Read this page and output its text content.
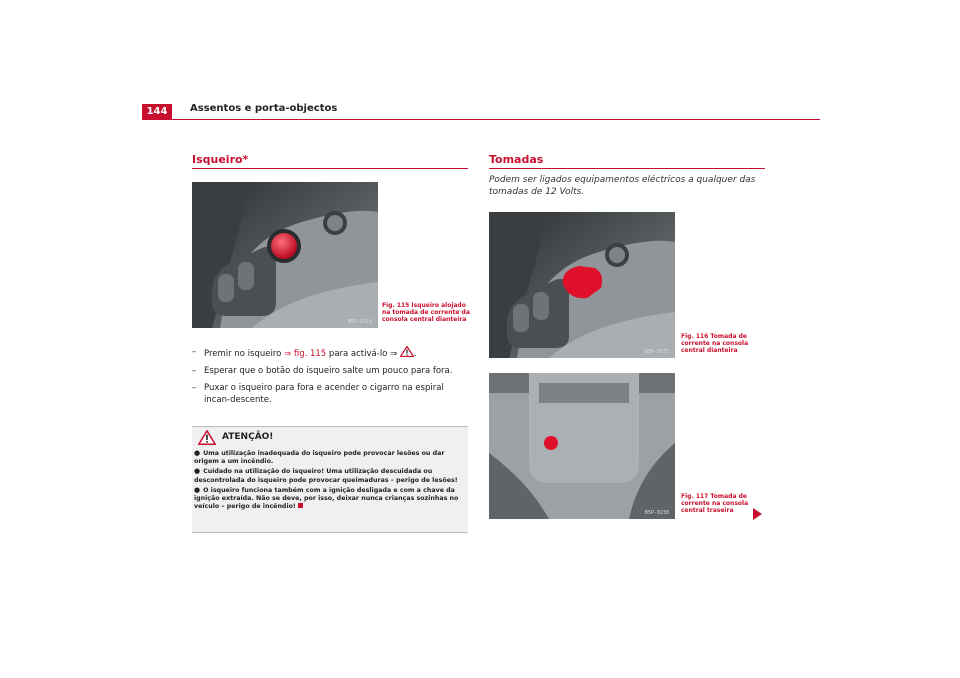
144	Assentos e porta-objectos
Isqueiro*
B5P-0118
Fig. 115 Isqueiro alojado na tomada de corrente da consola central dianteira
– Premir no isqueiro ⇒ fig. 115 para activá-lo ⇒ .
– Esperar que o botão do isqueiro salte um pouco para fora.
– Puxar o isqueiro para fora e acender o cigarro na espiral incan-descente.
ATENÇÃO!
● Uma utilização inadequada do isqueiro pode provocar lesões ou dar origem a um incêndio.
● Cuidado na utilização do isqueiro! Uma utilização descuidada ou descontrolada do isqueiro pode provocar queimaduras – perigo de lesões!
● O isqueiro funciona também com a ignição desligada e com a chave da ignição extraída. Não se deve, por isso, deixar nunca crianças sozinhas no veículo – perigo de incêndio!
Tomadas
Podem ser ligados equipamentos eléctricos a qualquer das tomadas de 12 Volts.
B5P-0175
Fig. 116 Tomada de corrente na consola central dianteira
B5P-0238
Fig. 117 Tomada de corrente na consola central traseira
